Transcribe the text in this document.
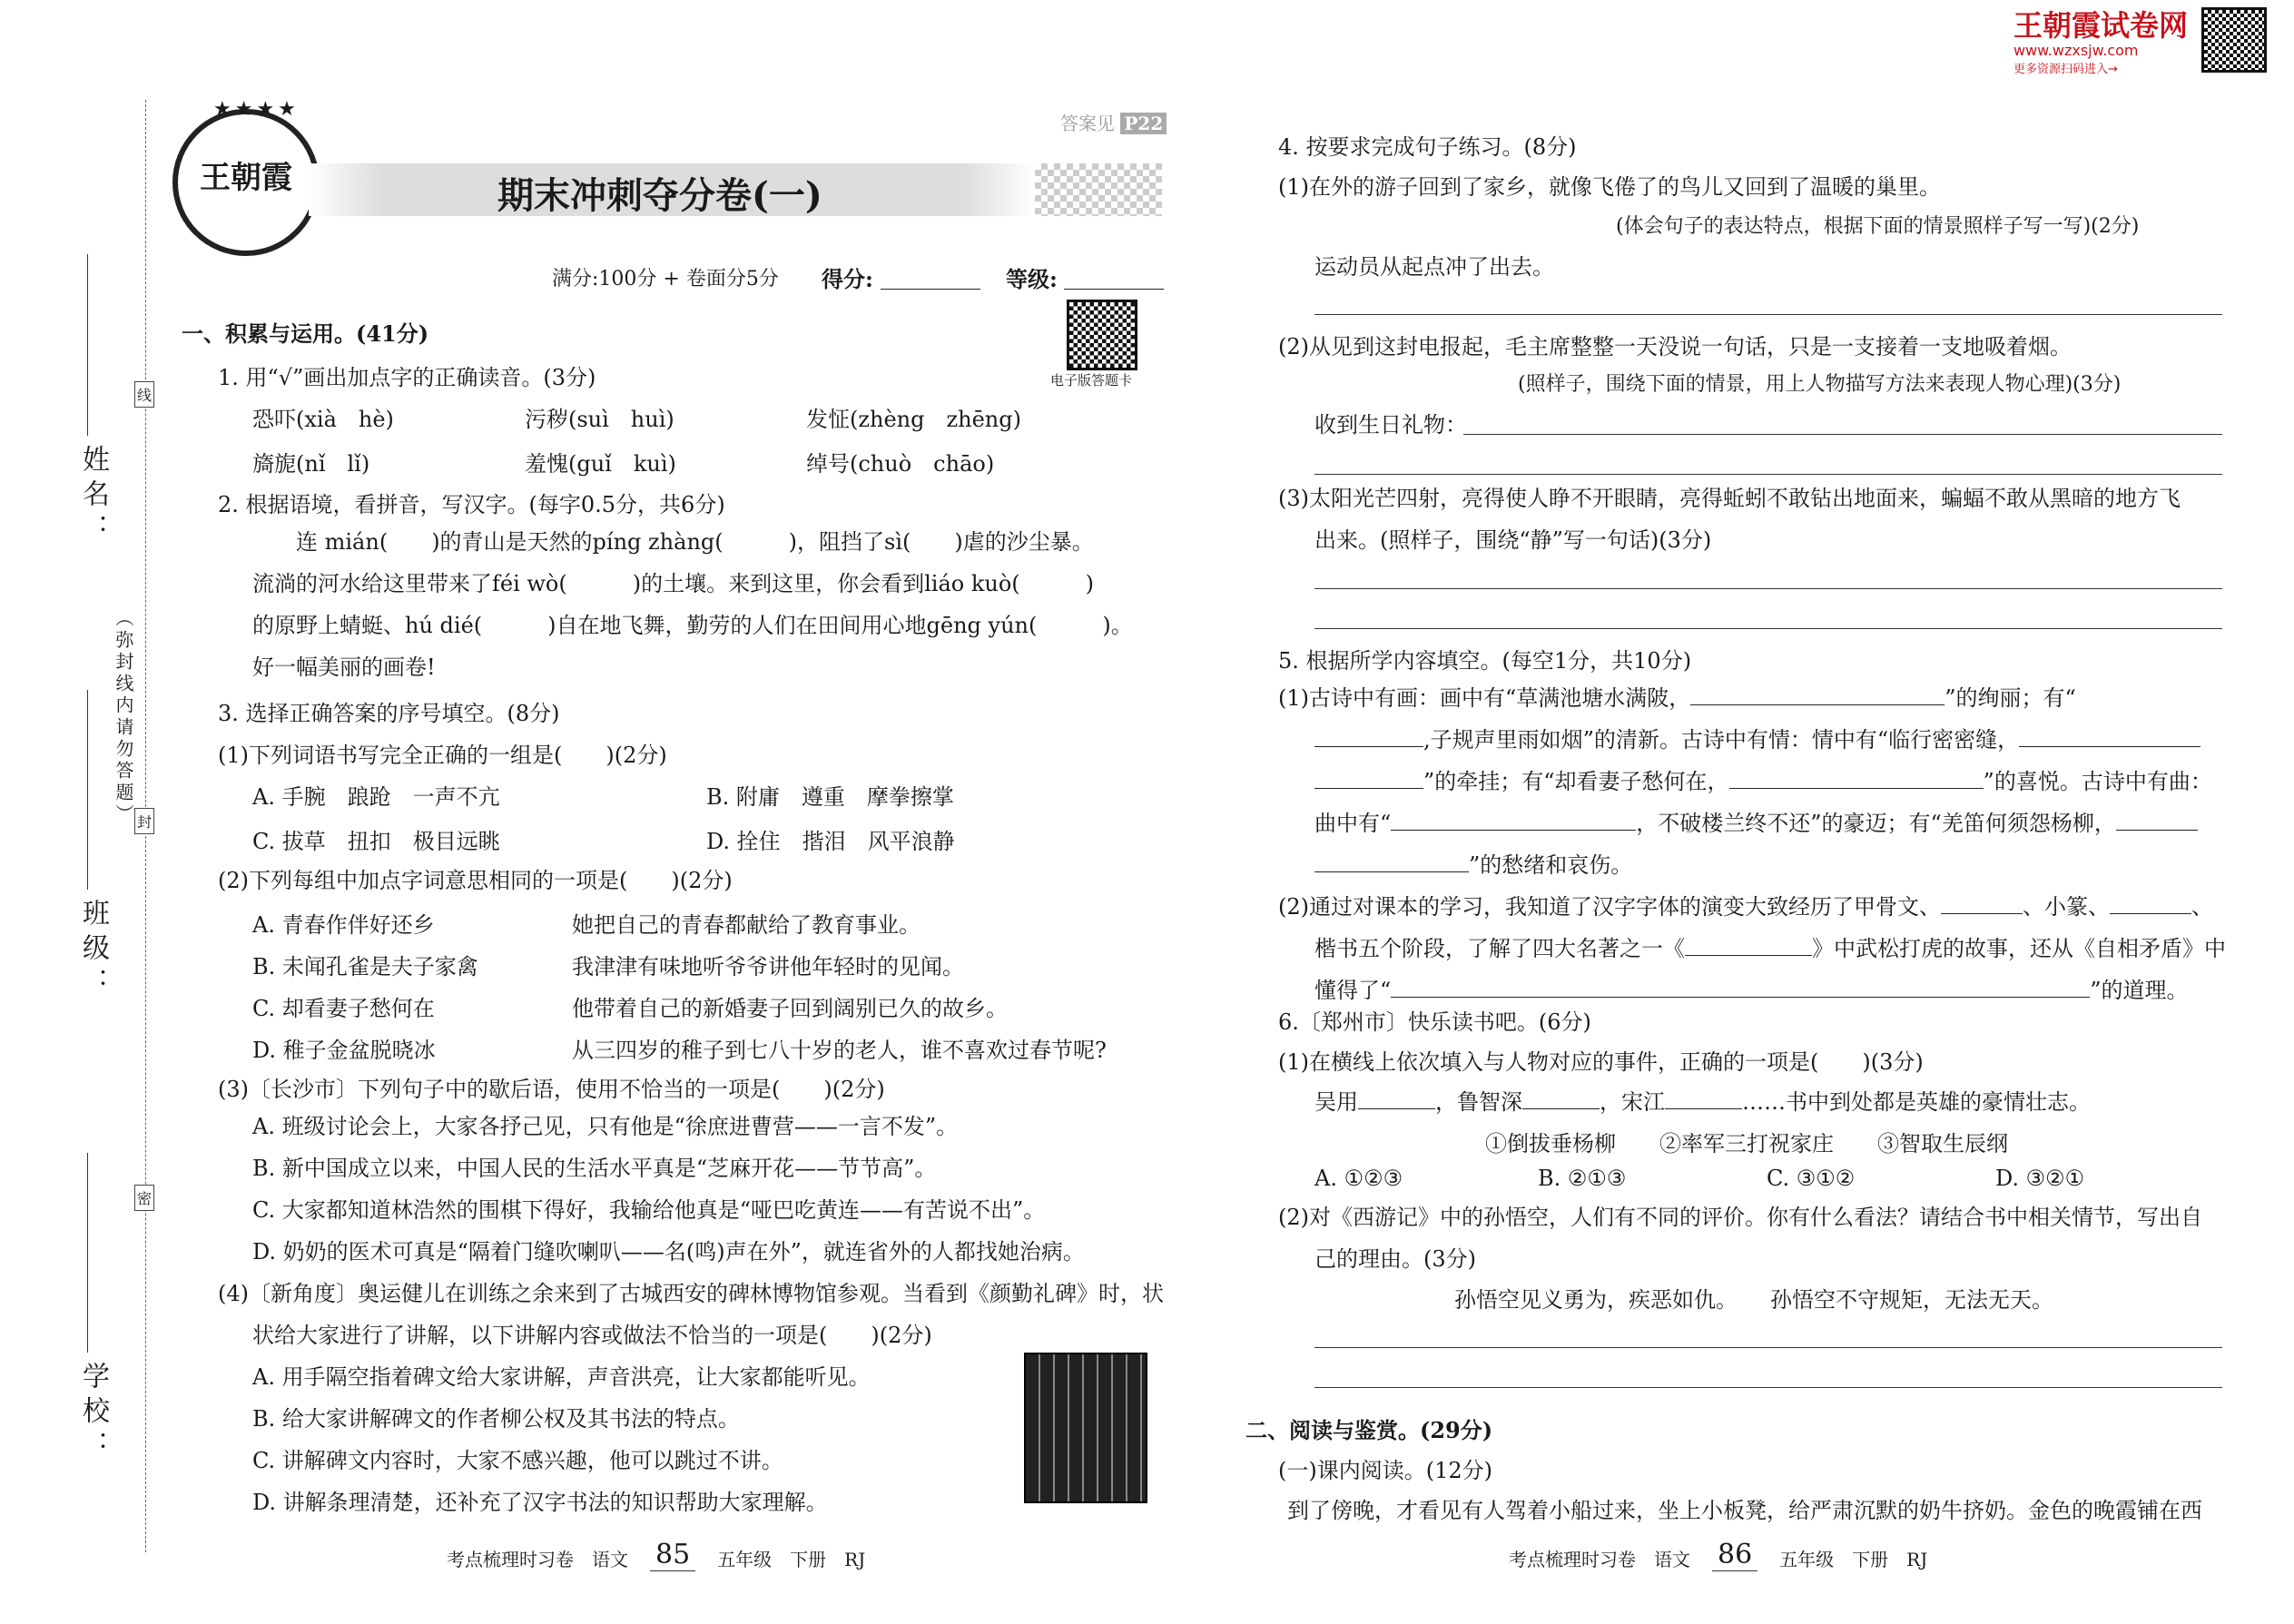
王朝霞试卷网
www.wzxsjw.com
更多资源扫码进入→
姓名：
班级：
学校：
（弥封线内请勿答题）
线
封
密
王朝霞
★★★★
答案见 P22
期末冲刺夺分卷(一)
满分:100分 + 卷面分5分 得分:	等级:
电子版答题卡
一、积累与运用。(41分)
1. 用“√”画出加点字的正确读音。(3分)
恐吓(xià　hè)	污秽(suì　huì)	发怔(zhèng　zhēng)
旖旎(nǐ　lǐ)	羞愧(guǐ　kuì)	绰号(chuò　chāo)
2. 根据语境，看拼音，写汉字。(每字0.5分，共6分)
连 mián(　　)的青山是天然的píng zhàng(　　　)，阻挡了sì(　　)虐的沙尘暴。
流淌的河水给这里带来了féi wò(　　　)的土壤。来到这里，你会看到liáo kuò(　　　)
的原野上蜻蜓、hú dié(　　　)自在地飞舞，勤劳的人们在田间用心地gēng yún(　　　)。
好一幅美丽的画卷!
3. 选择正确答案的序号填空。(8分)
(1)下列词语书写完全正确的一组是(　　)(2分)
A. 手腕　踉跄　一声不亢	B. 附庸　遵重　摩拳擦掌
C. 拔草　扭扣　极目远眺	D. 拴住　揩泪　风平浪静
(2)下列每组中加点字词意思相同的一项是(　　)(2分)
A. 青春作伴好还乡	她把自己的青春都献给了教育事业。
B. 未闻孔雀是夫子家禽	我津津有味地听爷爷讲他年轻时的见闻。
C. 却看妻子愁何在	他带着自己的新婚妻子回到阔别已久的故乡。
D. 稚子金盆脱晓冰	从三四岁的稚子到七八十岁的老人，谁不喜欢过春节呢?
(3)〔长沙市〕下列句子中的歇后语，使用不恰当的一项是(　　)(2分)
A. 班级讨论会上，大家各抒己见，只有他是“徐庶进曹营——一言不发”。
B. 新中国成立以来，中国人民的生活水平真是“芝麻开花——节节高”。
C. 大家都知道林浩然的围棋下得好，我输给他真是“哑巴吃黄连——有苦说不出”。
D. 奶奶的医术可真是“隔着门缝吹喇叭——名(鸣)声在外”，就连省外的人都找她治病。
(4)〔新角度〕奥运健儿在训练之余来到了古城西安的碑林博物馆参观。当看到《颜勤礼碑》时，状
状给大家进行了讲解，以下讲解内容或做法不恰当的一项是(　　)(2分)
A. 用手隔空指着碑文给大家讲解，声音洪亮，让大家都能听见。
B. 给大家讲解碑文的作者柳公权及其书法的特点。
C. 讲解碑文内容时，大家不感兴趣，他可以跳过不讲。
D. 讲解条理清楚，还补充了汉字书法的知识帮助大家理解。
考点梳理时习卷　语文 85	五年级　下册　RJ
4. 按要求完成句子练习。(8分)
(1)在外的游子回到了家乡，就像飞倦了的鸟儿又回到了温暖的巢里。
(体会句子的表达特点，根据下面的情景照样子写一写)(2分)
运动员从起点冲了出去。
(2)从见到这封电报起，毛主席整整一天没说一句话，只是一支接着一支地吸着烟。
(照样子，围绕下面的情景，用上人物描写方法来表现人物心理)(3分)
收到生日礼物：
(3)太阳光芒四射，亮得使人睁不开眼睛，亮得蚯蚓不敢钻出地面来，蝙蝠不敢从黑暗的地方飞
出来。(照样子，围绕“静”写一句话)(3分)
5. 根据所学内容填空。(每空1分，共10分)
(1)古诗中有画：画中有“草满池塘水满陂，	”的绚丽；有“
,子规声里雨如烟”的清新。古诗中有情：情中有“临行密密缝，
”的牵挂；有“却看妻子愁何在，	”的喜悦。古诗中有曲：
曲中有“	，不破楼兰终不还”的豪迈；有“羌笛何须怨杨柳，
”的愁绪和哀伤。
(2)通过对课本的学习，我知道了汉字字体的演变大致经历了甲骨文、	、小篆、	、
楷书五个阶段，了解了四大名著之一《	》中武松打虎的故事，还从《自相矛盾》中
懂得了“	”的道理。
6.〔郑州市〕快乐读书吧。(6分)
(1)在横线上依次填入与人物对应的事件，正确的一项是(　　)(3分)
吴用	，鲁智深	，宋江	……书中到处都是英雄的豪情壮志。
①倒拔垂杨柳　　②率军三打祝家庄　　③智取生辰纲
A. ①②③	B. ②①③	C. ③①②	D. ③②①
(2)对《西游记》中的孙悟空，人们有不同的评价。你有什么看法？请结合书中相关情节，写出自
己的理由。(3分)
孙悟空见义勇为，疾恶如仇。　　孙悟空不守规矩，无法无天。
二、阅读与鉴赏。(29分)
(一)课内阅读。(12分)
到了傍晚，才看见有人驾着小船过来，坐上小板凳，给严肃沉默的奶牛挤奶。金色的晚霞铺在西
考点梳理时习卷　语文 86	五年级　下册　RJ
